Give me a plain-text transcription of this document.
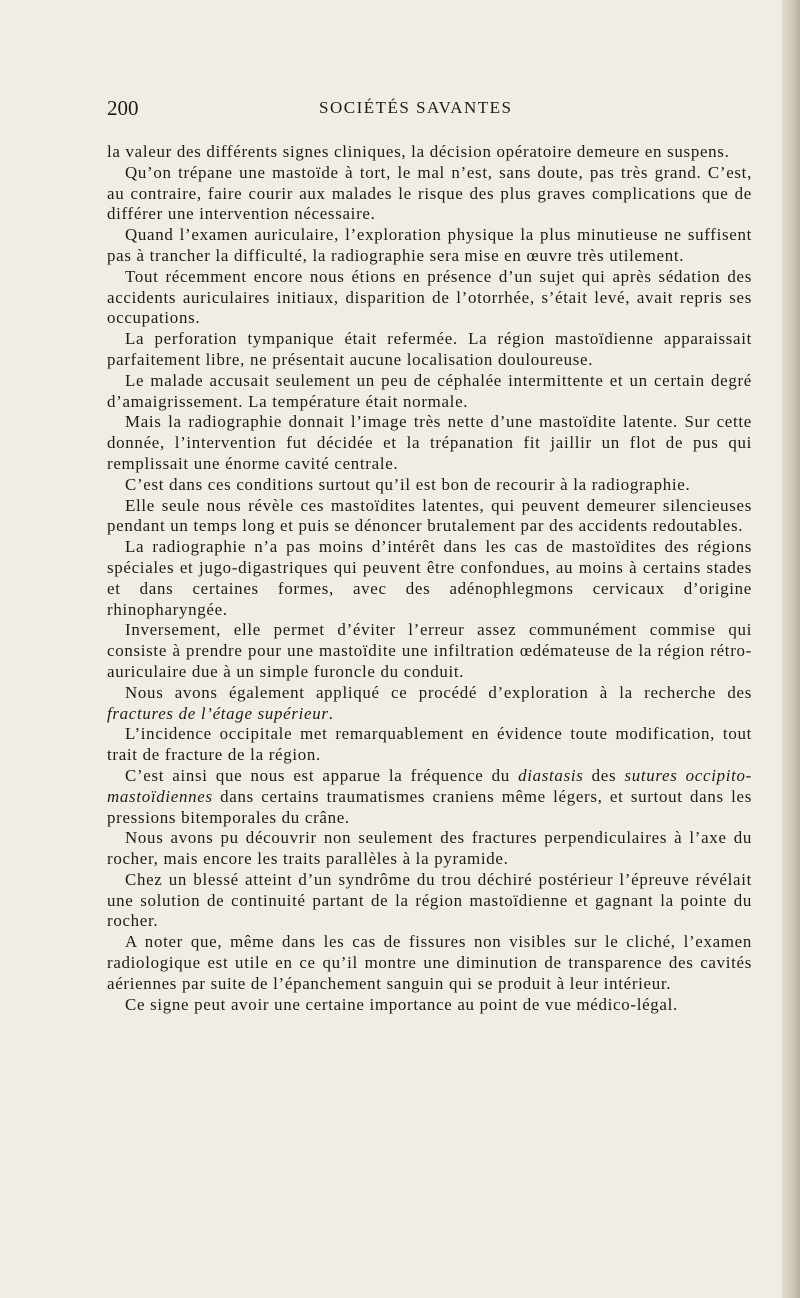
200	SOCIÉTÉS SAVANTES

la valeur des différents signes cliniques, la décision opératoire demeure en suspens.

Qu’on trépane une mastoïde à tort, le mal n’est, sans doute, pas très grand. C’est, au contraire, faire courir aux malades le risque des plus graves complications que de différer une intervention nécessaire.

Quand l’examen auriculaire, l’exploration physique la plus minutieuse ne suffisent pas à trancher la difficulté, la radiographie sera mise en œuvre très utilement.

Tout récemment encore nous étions en présence d’un sujet qui après sédation des accidents auriculaires initiaux, disparition de l’otorrhée, s’était levé, avait repris ses occupations.

La perforation tympanique était refermée. La région mastoïdienne apparaissait parfaitement libre, ne présentait aucune localisation douloureuse.

Le malade accusait seulement un peu de céphalée intermittente et un certain degré d’amaigrissement. La température était normale.

Mais la radiographie donnait l’image très nette d’une mastoïdite latente. Sur cette donnée, l’intervention fut décidée et la trépanation fit jaillir un flot de pus qui remplissait une énorme cavité centrale.

C’est dans ces conditions surtout qu’il est bon de recourir à la radiographie.

Elle seule nous révèle ces mastoïdites latentes, qui peuvent demeurer silencieuses pendant un temps long et puis se dénoncer brutalement par des accidents redoutables.

La radiographie n’a pas moins d’intérêt dans les cas de mastoïdites des régions spéciales et jugo-digastriques qui peuvent être confondues, au moins à certains stades et dans certaines formes, avec des adénophlegmons cervicaux d’origine rhinopharyngée.

Inversement, elle permet d’éviter l’erreur assez communément commise qui consiste à prendre pour une mastoïdite une infiltration œdémateuse de la région rétro-auriculaire due à un simple furoncle du conduit.

Nous avons également appliqué ce procédé d’exploration à la recherche des fractures de l’étage supérieur.

L’incidence occipitale met remarquablement en évidence toute modification, tout trait de fracture de la région.

C’est ainsi que nous est apparue la fréquence du diastasis des sutures occipito-mastoïdiennes dans certains traumatismes craniens même légers, et surtout dans les pressions bitemporales du crâne.

Nous avons pu découvrir non seulement des fractures perpendiculaires à l’axe du rocher, mais encore les traits parallèles à la pyramide.

Chez un blessé atteint d’un syndrôme du trou déchiré postérieur l’épreuve révélait une solution de continuité partant de la région mastoïdienne et gagnant la pointe du rocher.

A noter que, même dans les cas de fissures non visibles sur le cliché, l’examen radiologique est utile en ce qu’il montre une diminution de transparence des cavités aériennes par suite de l’épanchement sanguin qui se produit à leur intérieur.

Ce signe peut avoir une certaine importance au point de vue médico-légal.
